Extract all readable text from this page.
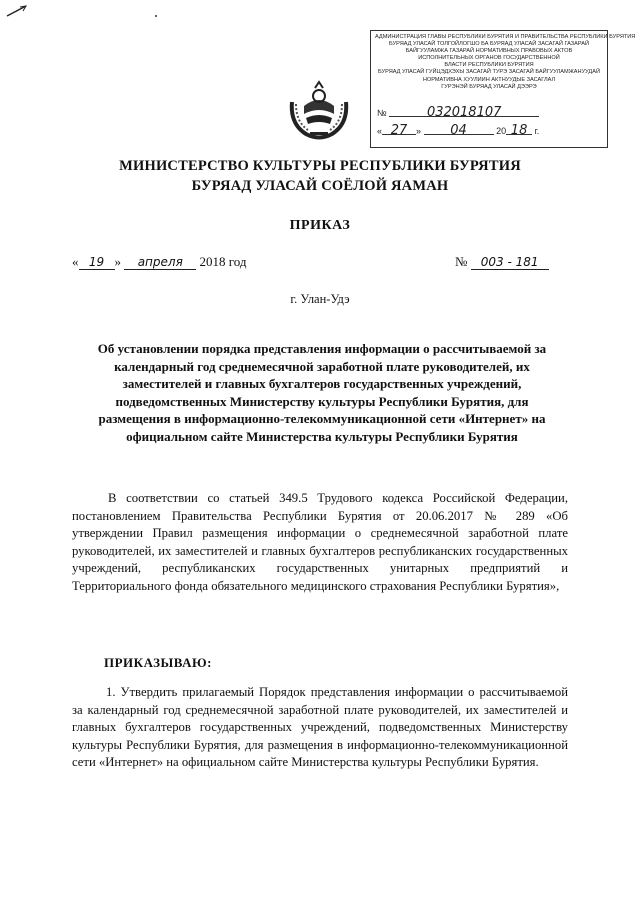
АДМИНИСТРАЦИЯ ГЛАВЫ РЕСПУБЛИКИ БУРЯТИЯ И ПРАВИТЕЛЬСТВА РЕСПУБЛИКИ БУРЯТИЯ
БУРЯАД УЛАСАЙ ТОЛГОЙЛОГШО БА БУРЯАД УЛАСАЙ ЗАСАГАЙ ГАЗАРАЙ
БАЙГУУЛАМЖА ГАЗАРАЙ НОРМАТИВНЫХ ПРАВОВЫХ АКТОВ
ИСПОЛНИТЕЛЬНЫХ ОРГАНОВ ГОСУДАРСТВЕННОЙ
ВЛАСТИ РЕСПУБЛИКИ БУРЯТИЯ
БУРЯАД УЛАСАЙ ГУЙЦЭДХЭХЫ ЗАСАГАЙ ТУРЭ ЗАСАГАЙ БАЙГУУЛАМЖАНУУДАЙ
НОРМАТИВНА ХУУЛИИН АКТНУУДЫЕ ЗАСАГЛАЛ
ГУРЭНЭЙ БУРЯАД УЛАСАЙ ДЭЭРЭ
№	032018107
« 27 » 04	20 18 г.
МИНИСТЕРСТВО КУЛЬТУРЫ РЕСПУБЛИКИ БУРЯТИЯ
БУРЯАД УЛАСАЙ СОЁЛОЙ ЯАМАН
ПРИКАЗ
« 19 » апреля 2018 год	№ 003 - 181
г. Улан-Удэ
Об установлении порядка представления информации о рассчитываемой за календарный год среднемесячной заработной плате руководителей, их заместителей и главных бухгалтеров государственных учреждений, подведомственных Министерству культуры Республики Бурятия, для размещения в информационно-телекоммуникационной сети «Интернет» на официальном сайте Министерства культуры Республики Бурятия
В соответствии со статьей 349.5 Трудового кодекса Российской Федерации, постановлением Правительства Республики Бурятия от 20.06.2017 № 289 «Об утверждении Правил размещения информации о среднемесячной заработной плате руководителей, их заместителей и главных бухгалтеров республиканских государственных учреждений, республиканских государственных унитарных предприятий и Территориального фонда обязательного медицинского страхования Республики Бурятия»,
ПРИКАЗЫВАЮ:
1. Утвердить прилагаемый Порядок представления информации о рассчитываемой за календарный год среднемесячной заработной плате руководителей, их заместителей и главных бухгалтеров государственных учреждений, подведомственных Министерству культуры Республики Бурятия, для размещения в информационно-телекоммуникационной сети «Интернет» на официальном сайте Министерства культуры Республики Бурятия.
